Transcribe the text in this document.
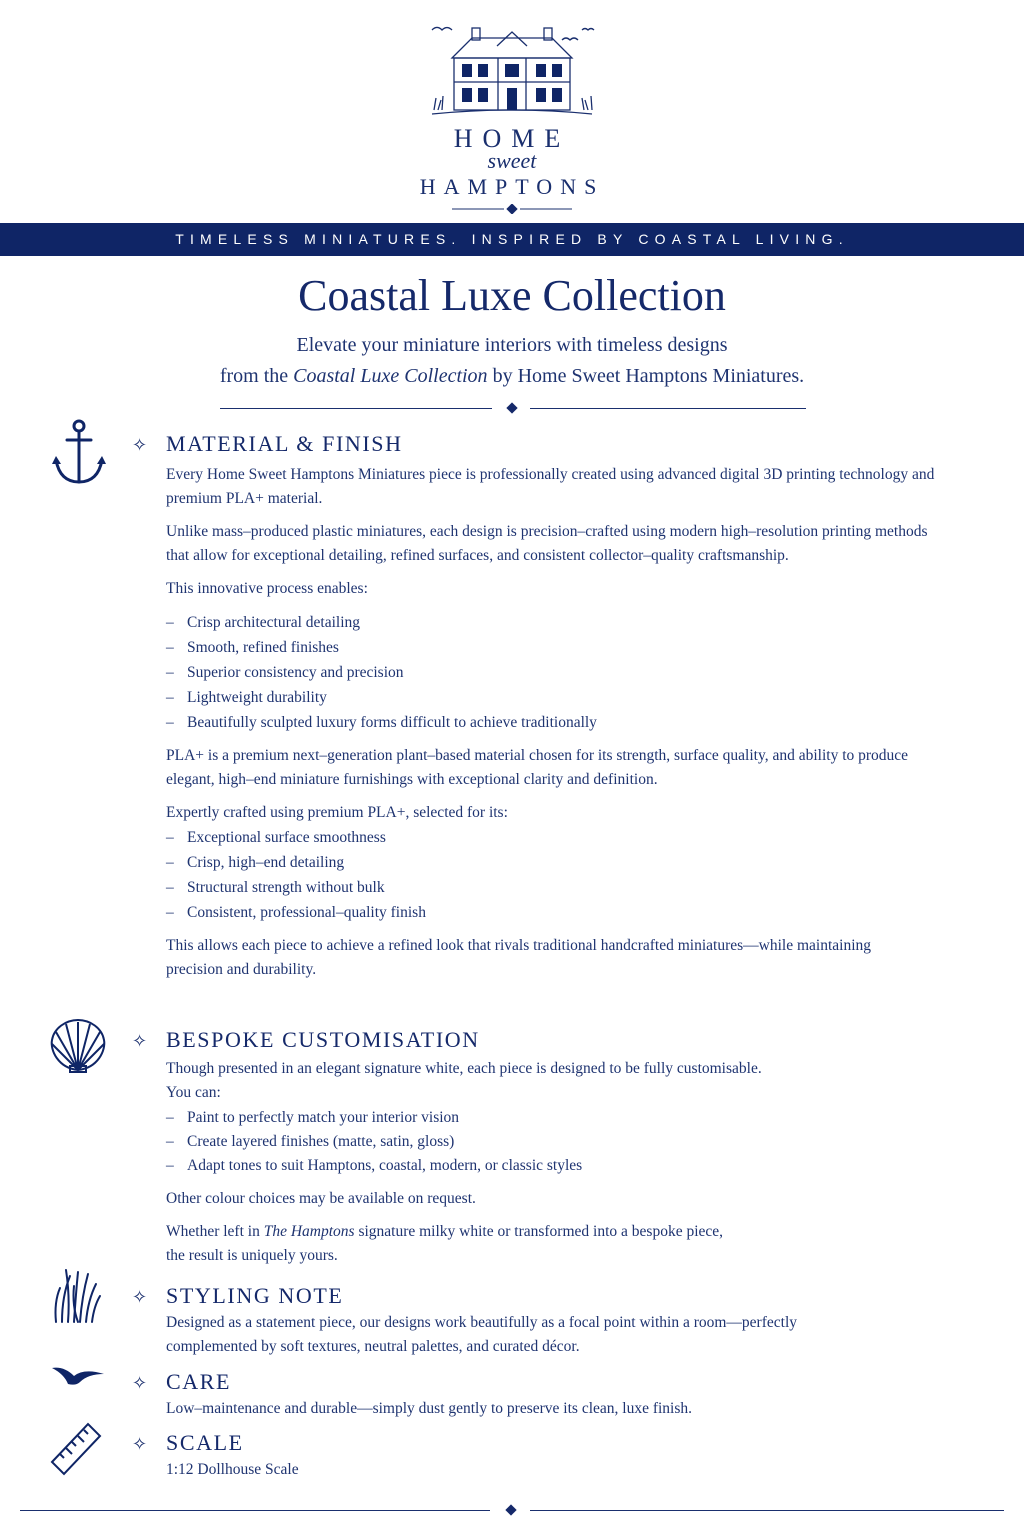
HOME
sweet
HAMPTONS
TIMELESS MINIATURES. INSPIRED BY COASTAL LIVING.
Coastal Luxe Collection
Elevate your miniature interiors with timeless designs
from the Coastal Luxe Collection by Home Sweet Hamptons Miniatures.
✧ MATERIAL & FINISH

Every Home Sweet Hamptons Miniatures piece is professionally created using advanced digital 3D printing technology and premium PLA+ material.

Unlike mass–produced plastic miniatures, each design is precision–crafted using modern high–resolution printing methods that allow for exceptional detailing, refined surfaces, and consistent collector–quality craftsmanship.

This innovative process enables:

– Crisp architectural detailing
– Smooth, refined finishes
– Superior consistency and precision
– Lightweight durability
– Beautifully sculpted luxury forms difficult to achieve traditionally

PLA+ is a premium next–generation plant–based material chosen for its strength, surface quality, and ability to produce elegant, high–end miniature furnishings with exceptional clarity and definition.

Expertly crafted using premium PLA+, selected for its:

– Exceptional surface smoothness
– Crisp, high–end detailing
– Structural strength without bulk
– Consistent, professional–quality finish

This allows each piece to achieve a refined look that rivals traditional handcrafted miniatures—while maintaining precision and durability.

✧ BESPOKE CUSTOMISATION

Though presented in an elegant signature white, each piece is designed to be fully customisable.

You can:

– Paint to perfectly match your interior vision
– Create layered finishes (matte, satin, gloss)
– Adapt tones to suit Hamptons, coastal, modern, or classic styles

Other colour choices may be available on request.

Whether left in The Hamptons signature milky white or transformed into a bespoke piece,

the result is uniquely yours.

✧ STYLING NOTE

Designed as a statement piece, our designs work beautifully as a focal point within a room—perfectly complemented by soft textures, neutral palettes, and curated décor.

✧ CARE

Low–maintenance and durable—simply dust gently to preserve its clean, luxe finish.

✧ SCALE

1:12 Dollhouse Scale
